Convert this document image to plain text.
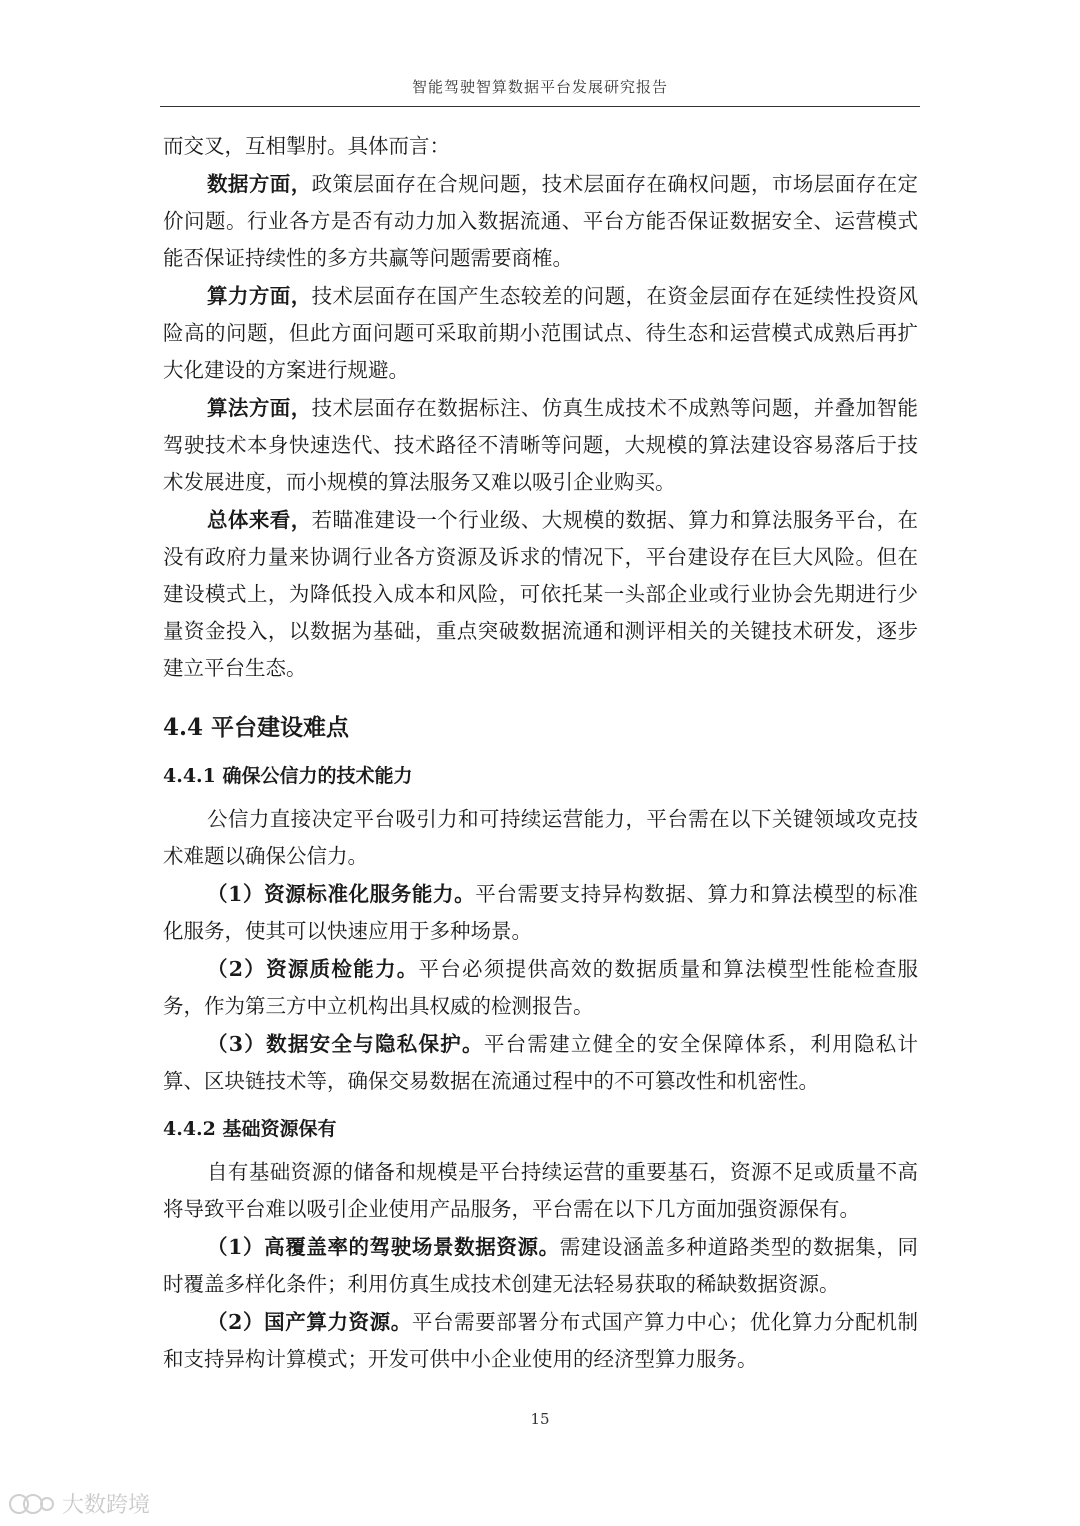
智能驾驶智算数据平台发展研究报告

而交叉，互相掣肘。具体而言：

数据方面，政策层面存在合规问题，技术层面存在确权问题，市场层面存在定价问题。行业各方是否有动力加入数据流通、平台方能否保证数据安全、运营模式能否保证持续性的多方共赢等问题需要商榷。

算力方面，技术层面存在国产生态较差的问题，在资金层面存在延续性投资风险高的问题，但此方面问题可采取前期小范围试点、待生态和运营模式成熟后再扩大化建设的方案进行规避。

算法方面，技术层面存在数据标注、仿真生成技术不成熟等问题，并叠加智能驾驶技术本身快速迭代、技术路径不清晰等问题，大规模的算法建设容易落后于技术发展进度，而小规模的算法服务又难以吸引企业购买。

总体来看，若瞄准建设一个行业级、大规模的数据、算力和算法服务平台，在没有政府力量来协调行业各方资源及诉求的情况下，平台建设存在巨大风险。但在建设模式上，为降低投入成本和风险，可依托某一头部企业或行业协会先期进行少量资金投入，以数据为基础，重点突破数据流通和测评相关的关键技术研发，逐步建立平台生态。

4.4 平台建设难点
4.4.1 确保公信力的技术能力

公信力直接决定平台吸引力和可持续运营能力，平台需在以下关键领域攻克技术难题以确保公信力。

（1）资源标准化服务能力。平台需要支持异构数据、算力和算法模型的标准化服务，使其可以快速应用于多种场景。

（2）资源质检能力。平台必须提供高效的数据质量和算法模型性能检查服务，作为第三方中立机构出具权威的检测报告。

（3）数据安全与隐私保护。平台需建立健全的安全保障体系，利用隐私计算、区块链技术等，确保交易数据在流通过程中的不可篡改性和机密性。

4.4.2 基础资源保有

自有基础资源的储备和规模是平台持续运营的重要基石，资源不足或质量不高将导致平台难以吸引企业使用产品服务，平台需在以下几方面加强资源保有。

（1）高覆盖率的驾驶场景数据资源。需建设涵盖多种道路类型的数据集，同时覆盖多样化条件；利用仿真生成技术创建无法轻易获取的稀缺数据资源。

（2）国产算力资源。平台需要部署分布式国产算力中心；优化算力分配机制和支持异构计算模式；开发可供中小企业使用的经济型算力服务。

15
大数跨境
